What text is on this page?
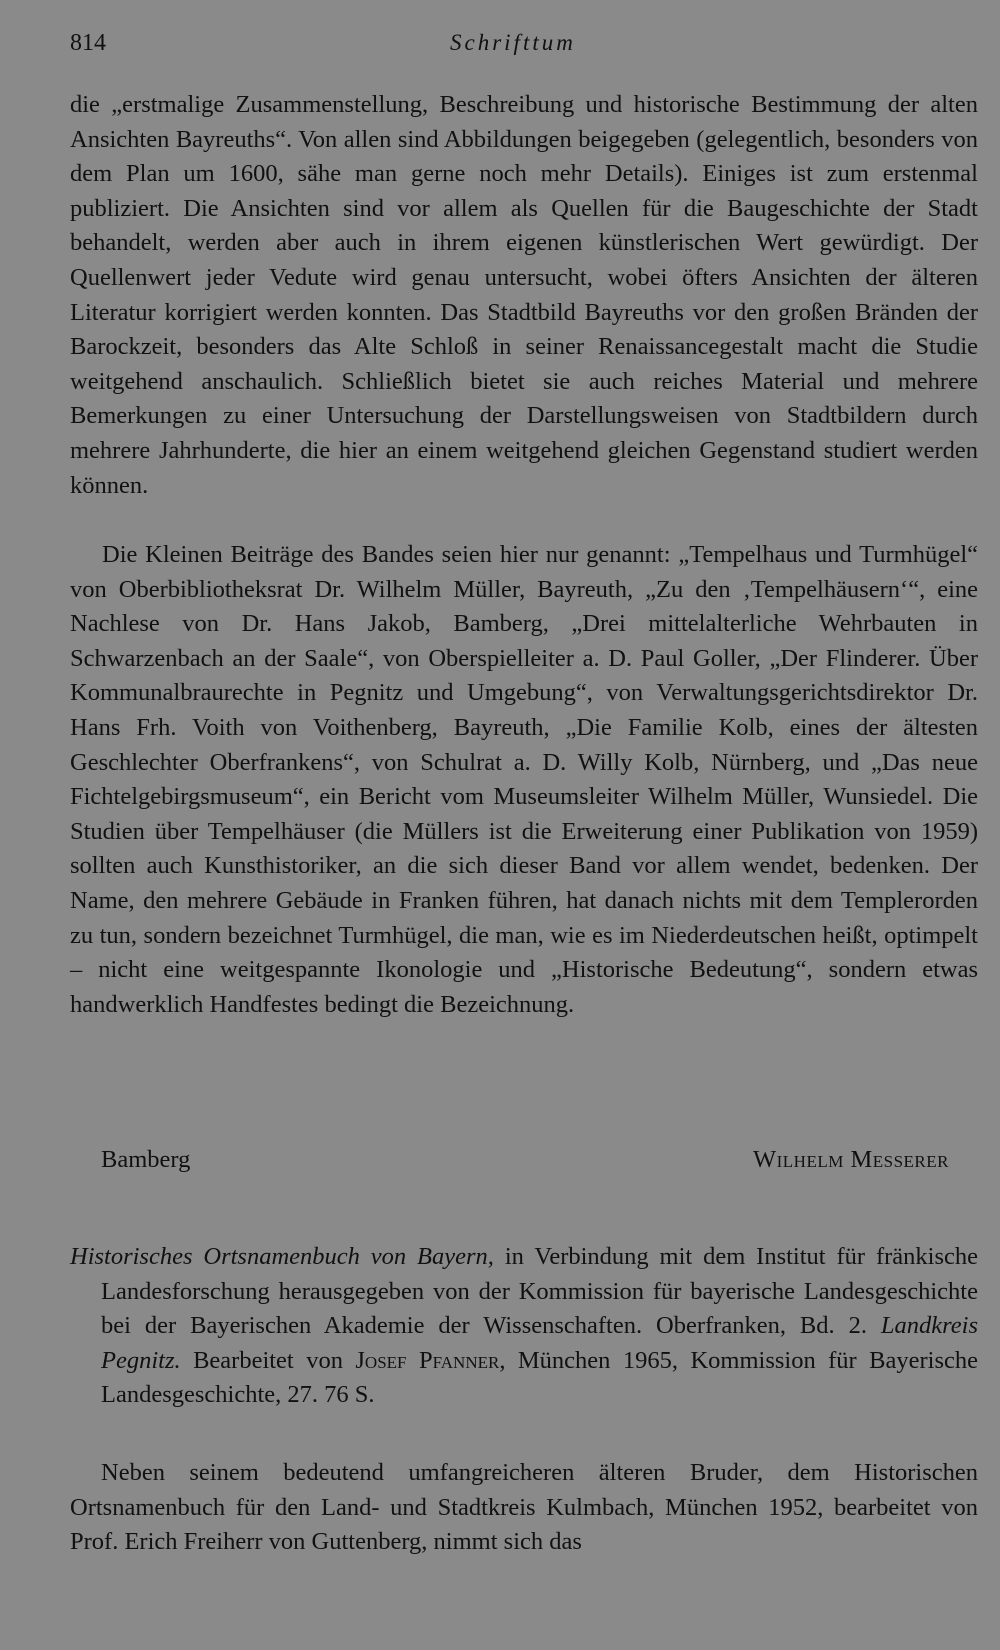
814	Schrifttum

die „erstmalige Zusammenstellung, Beschreibung und historische Bestimmung der alten Ansichten Bayreuths“. Von allen sind Abbildungen beigegeben (gelegentlich, besonders von dem Plan um 1600, sähe man gerne noch mehr Details). Einiges ist zum erstenmal publiziert. Die Ansichten sind vor allem als Quellen für die Baugeschichte der Stadt behandelt, werden aber auch in ihrem eigenen künstlerischen Wert gewürdigt. Der Quellenwert jeder Vedute wird genau untersucht, wobei öfters Ansichten der älteren Literatur korrigiert werden konnten. Das Stadtbild Bayreuths vor den großen Bränden der Barockzeit, besonders das Alte Schloß in seiner Renaissancegestalt macht die Studie weitgehend anschaulich. Schließlich bietet sie auch reiches Material und mehrere Bemerkungen zu einer Untersuchung der Darstellungsweisen von Stadtbildern durch mehrere Jahrhunderte, die hier an einem weitgehend gleichen Gegenstand studiert werden können.

Die Kleinen Beiträge des Bandes seien hier nur genannt: „Tempelhaus und Turmhügel“ von Oberbibliotheksrat Dr. Wilhelm Müller, Bayreuth, „Zu den ‚Tempelhäusern‘“, eine Nachlese von Dr. Hans Jakob, Bamberg, „Drei mittelalterliche Wehrbauten in Schwarzenbach an der Saale“, von Oberspielleiter a. D. Paul Goller, „Der Flinderer. Über Kommunalbraurechte in Pegnitz und Umgebung“, von Verwaltungsgerichtsdirektor Dr. Hans Frh. Voith von Voithenberg, Bayreuth, „Die Familie Kolb, eines der ältesten Geschlechter Oberfrankens“, von Schulrat a. D. Willy Kolb, Nürnberg, und „Das neue Fichtelgebirgsmuseum“, ein Bericht vom Museumsleiter Wilhelm Müller, Wunsiedel. Die Studien über Tempelhäuser (die Müllers ist die Erweiterung einer Publikation von 1959) sollten auch Kunsthistoriker, an die sich dieser Band vor allem wendet, bedenken. Der Name, den mehrere Gebäude in Franken führen, hat danach nichts mit dem Templerorden zu tun, sondern bezeichnet Turmhügel, die man, wie es im Niederdeutschen heißt, optimpelt – nicht eine weitgespannte Ikonologie und „Historische Bedeutung“, sondern etwas handwerklich Handfestes bedingt die Bezeichnung.

Bamberg	Wilhelm Messerer

Historisches Ortsnamenbuch von Bayern, in Verbindung mit dem Institut für fränkische Landesforschung herausgegeben von der Kommission für bayerische Landesgeschichte bei der Bayerischen Akademie der Wissenschaften. Oberfranken, Bd. 2. Landkreis Pegnitz. Bearbeitet von Josef Pfanner, München 1965, Kommission für Bayerische Landesgeschichte, 27. 76 S.

Neben seinem bedeutend umfangreicheren älteren Bruder, dem Historischen Ortsnamenbuch für den Land- und Stadtkreis Kulmbach, München 1952, bearbeitet von Prof. Erich Freiherr von Guttenberg, nimmt sich das
